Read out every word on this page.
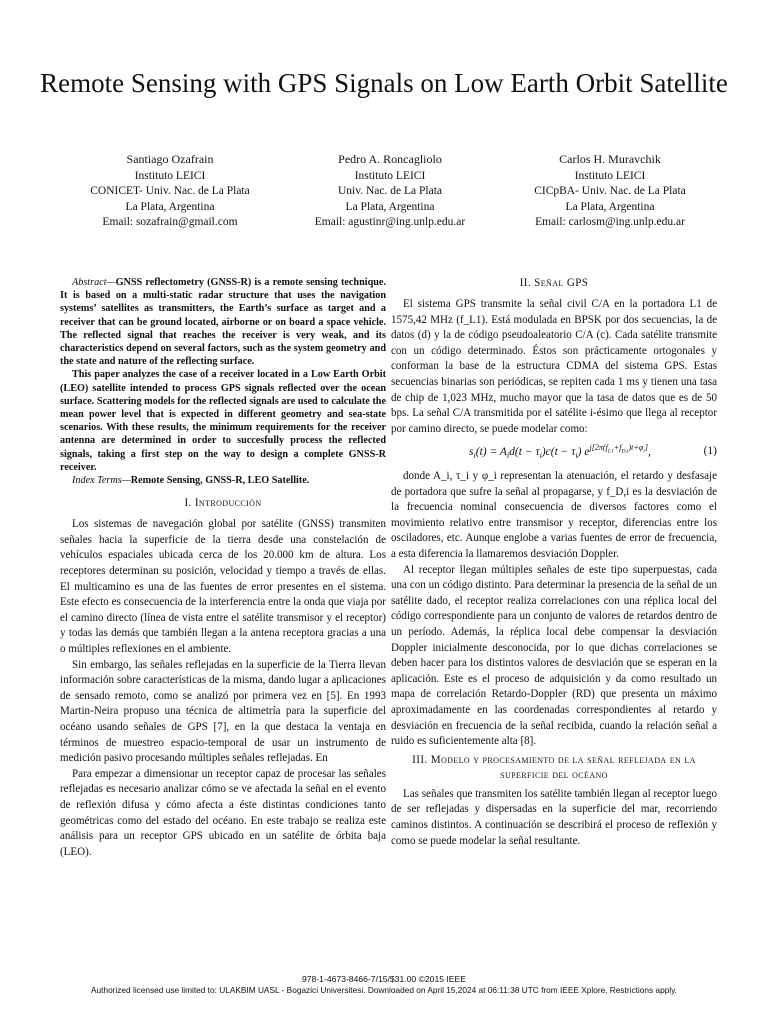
Remote Sensing with GPS Signals on Low Earth Orbit Satellite
Santiago Ozafrain
Instituto LEICI
CONICET- Univ. Nac. de La Plata
La Plata, Argentina
Email: sozafrain@gmail.com
Pedro A. Roncagliolo
Instituto LEICI
Univ. Nac. de La Plata
La Plata, Argentina
Email: agustinr@ing.unlp.edu.ar
Carlos H. Muravchik
Instituto LEICI
CICpBA- Univ. Nac. de La Plata
La Plata, Argentina
Email: carlosm@ing.unlp.edu.ar

Abstract—GNSS reflectometry (GNSS-R) is a remote sensing technique. It is based on a multi-static radar structure that uses the navigation systems’ satellites as transmitters, the Earth’s surface as target and a receiver that can be ground located, airborne or on board a space vehicle. The reflected signal that reaches the receiver is very weak, and its characteristics depend on several factors, such as the system geometry and the state and nature of the reflecting surface.

This paper analyzes the case of a receiver located in a Low Earth Orbit (LEO) satellite intended to process GPS signals reflected over the ocean surface. Scattering models for the reflected signals are used to calculate the mean power level that is expected in different geometry and sea-state scenarios. With these results, the minimum requirements for the receiver antenna are determined in order to succesfully process the reflected signals, taking a first step on the way to design a complete GNSS-R receiver.

Index Terms—Remote Sensing, GNSS-R, LEO Satellite.

I. Introducción

Los sistemas de navegación global por satélite (GNSS) transmiten señales hacia la superficie de la tierra desde una constelación de vehículos espaciales ubicada cerca de los 20.000 km de altura. Los receptores determinan su posición, velocidad y tiempo a través de ellas. El multicamino es una de las fuentes de error presentes en el sistema. Este efecto es consecuencia de la interferencia entre la onda que viaja por el camino directo (línea de vista entre el satélite transmisor y el receptor) y todas las demás que también llegan a la antena receptora gracias a una o múltiples reflexiones en el ambiente.

Sin embargo, las señales reflejadas en la superficie de la Tierra llevan información sobre características de la misma, dando lugar a aplicaciones de sensado remoto, como se analizó por primera vez en [5]. En 1993 Martin-Neira propuso una técnica de altimetría para la superficie del océano usando señales de GPS [7], en la que destaca la ventaja en términos de muestreo espacio-temporal de usar un instrumento de medición pasivo procesando múltiples señales reflejadas. En

Para empezar a dimensionar un receptor capaz de procesar las señales reflejadas es necesario analizar cómo se ve afectada la señal en el evento de reflexión difusa y cómo afecta a éste distintas condiciones tanto geométricas como del estado del océano. En este trabajo se realiza este análisis para un receptor GPS ubicado en un satélite de órbita baja (LEO).

II. Señal GPS

El sistema GPS transmite la señal civil C/A en la portadora L1 de 1575,42 MHz (f_L1). Está modulada en BPSK por dos secuencias, la de datos (d) y la de código pseudoaleatorio C/A (c). Cada satélite transmite con un código determinado. Éstos son prácticamente ortogonales y conforman la base de la estructura CDMA del sistema GPS. Estas secuencias binarias son periódicas, se repiten cada 1 ms y tienen una tasa de chip de 1,023 MHz, mucho mayor que la tasa de datos que es de 50 bps. La señal C/A transmitida por el satélite i-ésimo que llega al receptor por camino directo, se puede modelar como:

$s_i(t) = A_id(t - \tau_i)c(t - \tau_i)$ $e^{j[2\pi(f_{L1}+f_{D,i})t+\varphi_i]}$,	(1)

donde A_i, τ_i y φ_i representan la atenuación, el retardo y desfasaje de portadora que sufre la señal al propagarse, y f_D,i es la desviación de la frecuencia nominal consecuencia de diversos factores como el movimiento relativo entre transmisor y receptor, diferencias entre los osciladores, etc. Aunque englobe a varias fuentes de error de frecuencia, a esta diferencia la llamaremos desviación Doppler.

Al receptor llegan múltiples señales de este tipo superpuestas, cada una con un código distinto. Para determinar la presencia de la señal de un satélite dado, el receptor realiza correlaciones con una réplica local del código correspondiente para un conjunto de valores de retardos dentro de un período. Además, la réplica local debe compensar la desviación Doppler inicialmente desconocida, por lo que dichas correlaciones se deben hacer para los distintos valores de desviación que se esperan en la aplicación. Este es el proceso de adquisición y da como resultado un mapa de correlación Retardo-Doppler (RD) que presenta un máximo aproximadamente en las coordenadas correspondientes al retardo y desviación en frecuencia de la señal recibida, cuando la relación señal a ruido es suficientemente alta [8].

III. Modelo y procesamiento de la señal reflejada en la superficie del océano

Las señales que transmiten los satélite también llegan al receptor luego de ser reflejadas y dispersadas en la superficie del mar, recorriendo caminos distintos. A continuación se describirá el proceso de reflexión y como se puede modelar la señal resultante.

978-1-4673-8466-7/15/$31.00 ©2015 IEEE
Authorized licensed use limited to: ULAKBIM UASL - Bogazici Universitesi. Downloaded on April 15,2024 at 06:11:38 UTC from IEEE Xplore. Restrictions apply.
